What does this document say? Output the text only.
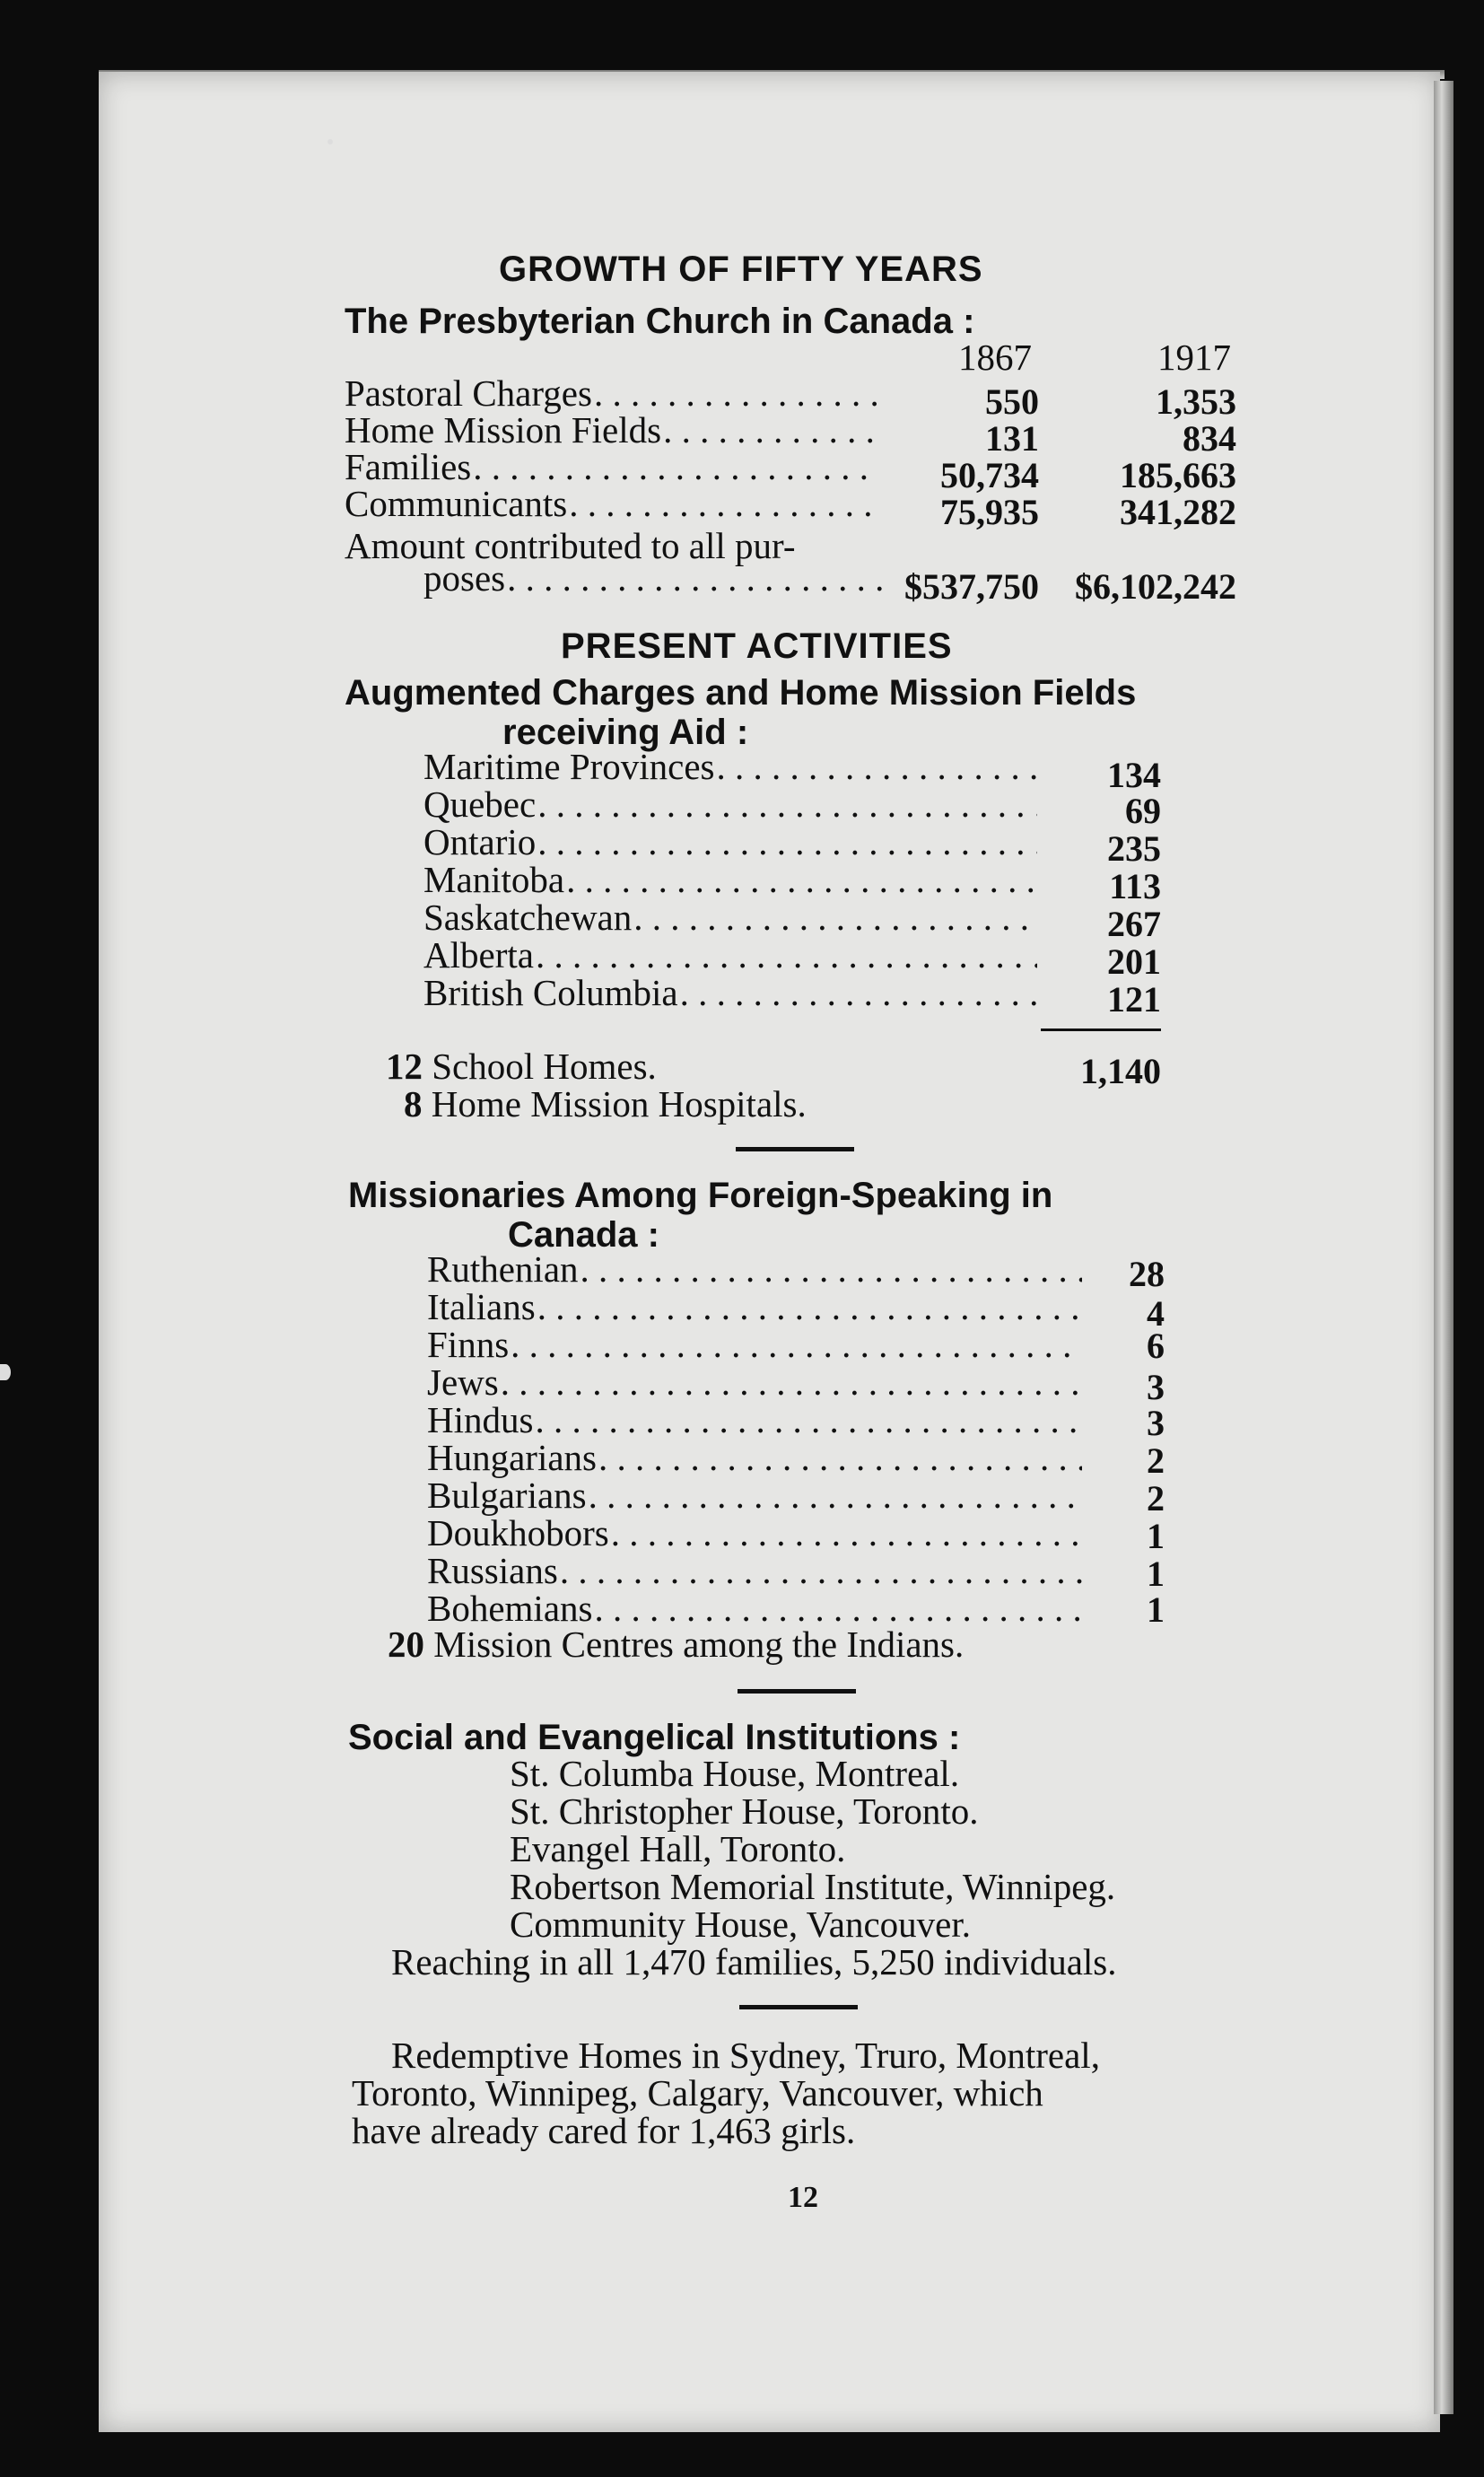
GROWTH OF FIFTY YEARS
The Presbyterian Church in Canada :
1867	1917
Pastoral Charges . . .	550	1,353
Home Mission Fields . . .	131	834
Families . . .	50,734	185,663
Communicants . . .	75,935	341,282
Amount contributed to all pur-
poses . . .	$537,750	$6,102,242
PRESENT ACTIVITIES
Augmented Charges and Home Mission Fields
receiving Aid :
Maritime Provinces . . .	134
Quebec . . .	69
Ontario . . .	235
Manitoba . . .	113
Saskatchewan . . .	267
Alberta . . .	201
British Columbia . . .	121
12 School Homes.	1,140
8 Home Mission Hospitals.
Missionaries Among Foreign-Speaking in
Canada :
Ruthenian . . .	28
Italians . . .	4
Finns . . .	6
Jews . . .	3
Hindus . . .	3
Hungarians . . .	2
Bulgarians . . .	2
Doukhobors . . .	1
Russians . . .	1
Bohemians . . .	1
20 Mission Centres among the Indians.
Social and Evangelical Institutions :
St. Columba House, Montreal.
St. Christopher House, Toronto.
Evangel Hall, Toronto.
Robertson Memorial Institute, Winnipeg.
Community House, Vancouver.
Reaching in all 1,470 families, 5,250 individuals.
Redemptive Homes in Sydney, Truro, Montreal,
Toronto, Winnipeg, Calgary, Vancouver, which
have already cared for 1,463 girls.
12
